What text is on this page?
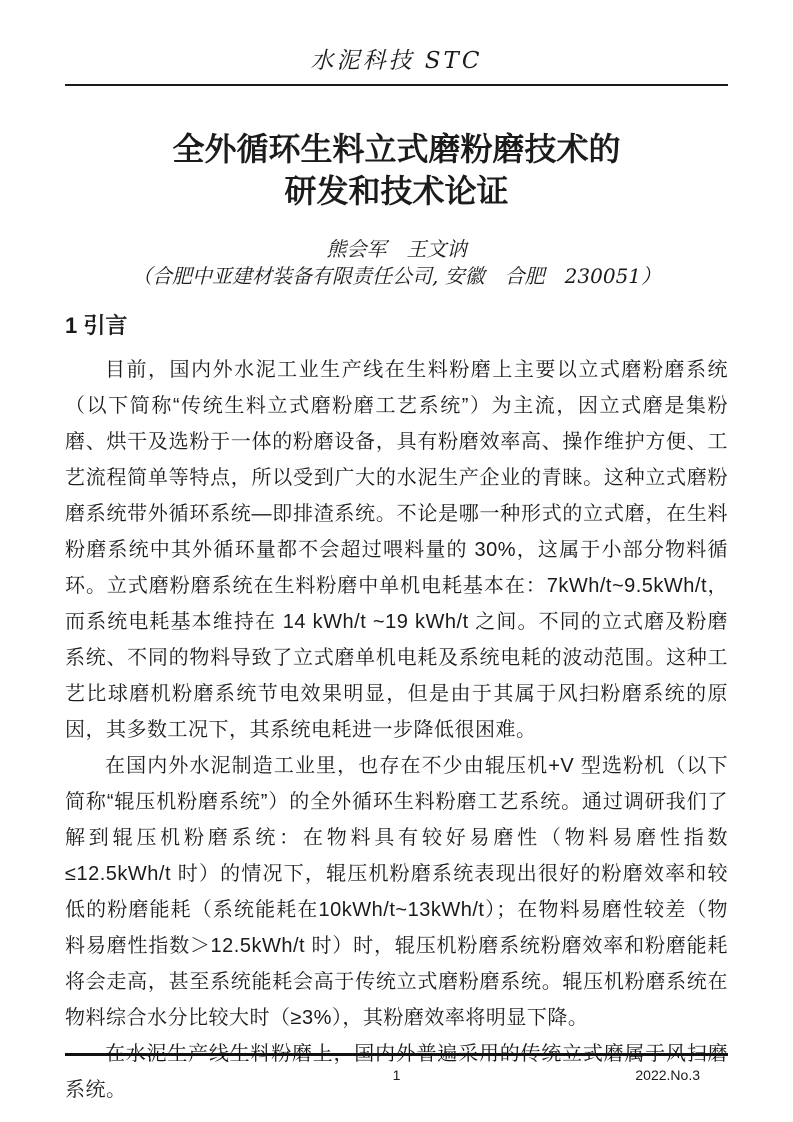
水泥科技 STC
全外循环生料立式磨粉磨技术的
研发和技术论证
熊会军　王文讷
（合肥中亚建材装备有限责任公司, 安徽　合肥　230051）
1 引言

目前，国内外水泥工业生产线在生料粉磨上主要以立式磨粉磨系统（以下简称“传统生料立式磨粉磨工艺系统”）为主流，因立式磨是集粉磨、烘干及选粉于一体的粉磨设备，具有粉磨效率高、操作维护方便、工艺流程简单等特点，所以受到广大的水泥生产企业的青睐。这种立式磨粉磨系统带外循环系统—即排渣系统。不论是哪一种形式的立式磨，在生料粉磨系统中其外循环量都不会超过喂料量的 30%，这属于小部分物料循环。立式磨粉磨系统在生料粉磨中单机电耗基本在：7kWh/t~9.5kWh/t，而系统电耗基本维持在 14 kWh/t ~19 kWh/t 之间。不同的立式磨及粉磨系统、不同的物料导致了立式磨单机电耗及系统电耗的波动范围。这种工艺比球磨机粉磨系统节电效果明显，但是由于其属于风扫粉磨系统的原因，其多数工况下，其系统电耗进一步降低很困难。

在国内外水泥制造工业里，也存在不少由辊压机+V 型选粉机（以下简称“辊压机粉磨系统”）的全外循环生料粉磨工艺系统。通过调研我们了解到辊压机粉磨系统：在物料具有较好易磨性（物料易磨性指数≤12.5kWh/t 时）的情况下，辊压机粉磨系统表现出很好的粉磨效率和较低的粉磨能耗（系统能耗在10kWh/t~13kWh/t）；在物料易磨性较差（物料易磨性指数＞12.5kWh/t 时）时，辊压机粉磨系统粉磨效率和粉磨能耗将会走高，甚至系统能耗会高于传统立式磨粉磨系统。辊压机粉磨系统在物料综合水分比较大时（≥3%），其粉磨效率将明显下降。

在水泥生产线生料粉磨上，国内外普遍采用的传统立式磨属于风扫磨系统。

1	2022.No.3
